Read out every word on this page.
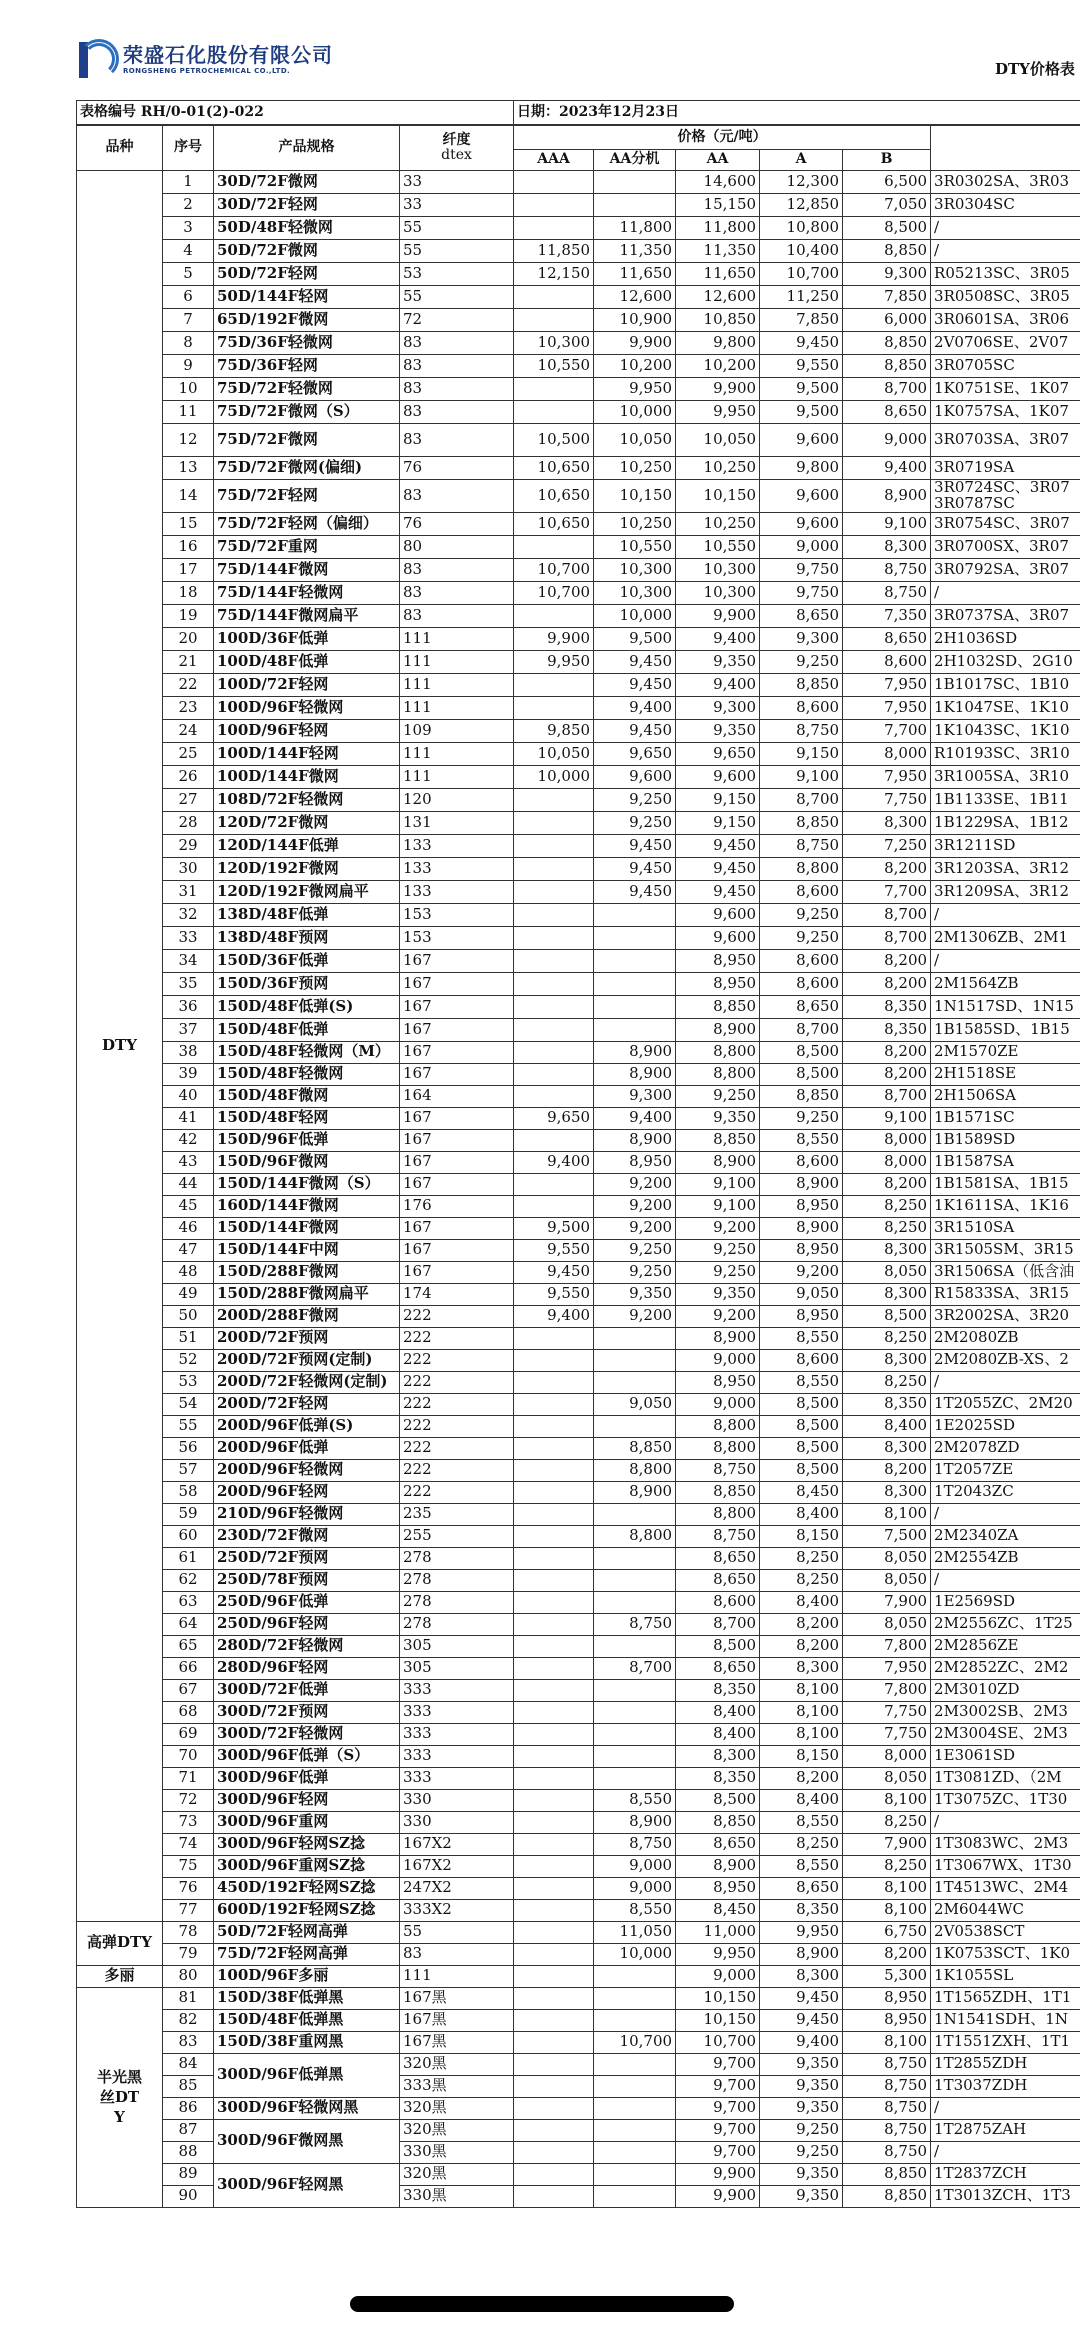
荣盛石化股份有限公司
RONGSHENG PETROCHEMICAL CO.,LTD.	DTY价格表
表格编号 RH/0-01(2)-022				日期：2023年12月23日					
品种	序号	产品规格	纤度
dtex	价格（元/吨）					
				AAA	AA分机	AA	A	B	
DTY	1	30D/72F微网	33			14,600	12,300	6,500	3R0302SA、3R03

	2	30D/72F轻网	33			15,150	12,850	7,050	3R0304SC

	3	50D/48F轻微网	55		11,800	11,800	10,800	8,500	/

	4	50D/72F微网	55	11,850	11,350	11,350	10,400	8,850	/

	5	50D/72F轻网	53	12,150	11,650	11,650	10,700	9,300	R05213SC、3R05

	6	50D/144F轻网	55		12,600	12,600	11,250	7,850	3R0508SC、3R05

	7	65D/192F微网	72		10,900	10,850	7,850	6,000	3R0601SA、3R06

	8	75D/36F轻微网	83	10,300	9,900	9,800	9,450	8,850	2V0706SE、2V07

	9	75D/36F轻网	83	10,550	10,200	10,200	9,550	8,850	3R0705SC

	10	75D/72F轻微网	83		9,950	9,900	9,500	8,700	1K0751SE、1K07

	11	75D/72F微网（S）	83		10,000	9,950	9,500	8,650	1K0757SA、1K07

	12	75D/72F微网	83	10,500	10,050	10,050	9,600	9,000	3R0703SA、3R07

	13	75D/72F微网(偏细)	76	10,650	10,250	10,250	9,800	9,400	3R0719SA

	14	75D/72F轻网	83	10,650	10,150	10,150	9,600	8,900	3R0724SC、3R07
3R0787SC

	15	75D/72F轻网（偏细）	76	10,650	10,250	10,250	9,600	9,100	3R0754SC、3R07

	16	75D/72F重网	80		10,550	10,550	9,000	8,300	3R0700SX、3R07

	17	75D/144F微网	83	10,700	10,300	10,300	9,750	8,750	3R0792SA、3R07

	18	75D/144F轻微网	83	10,700	10,300	10,300	9,750	8,750	/

	19	75D/144F微网扁平	83		10,000	9,900	8,650	7,350	3R0737SA、3R07

	20	100D/36F低弹	111	9,900	9,500	9,400	9,300	8,650	2H1036SD

	21	100D/48F低弹	111	9,950	9,450	9,350	9,250	8,600	2H1032SD、2G10

	22	100D/72F轻网	111		9,450	9,400	8,850	7,950	1B1017SC、1B10

	23	100D/96F轻微网	111		9,400	9,300	8,600	7,950	1K1047SE、1K10

	24	100D/96F轻网	109	9,850	9,450	9,350	8,750	7,700	1K1043SC、1K10

	25	100D/144F轻网	111	10,050	9,650	9,650	9,150	8,000	R10193SC、3R10

	26	100D/144F微网	111	10,000	9,600	9,600	9,100	7,950	3R1005SA、3R10

	27	108D/72F轻微网	120		9,250	9,150	8,700	7,750	1B1133SE、1B11

	28	120D/72F微网	131		9,250	9,150	8,850	8,300	1B1229SA、1B12

	29	120D/144F低弹	133		9,450	9,450	8,750	7,250	3R1211SD

	30	120D/192F微网	133		9,450	9,450	8,800	8,200	3R1203SA、3R12

	31	120D/192F微网扁平	133		9,450	9,450	8,600	7,700	3R1209SA、3R12

	32	138D/48F低弹	153			9,600	9,250	8,700	/

	33	138D/48F预网	153			9,600	9,250	8,700	2M1306ZB、2M1

	34	150D/36F低弹	167			8,950	8,600	8,200	/

	35	150D/36F预网	167			8,950	8,600	8,200	2M1564ZB

	36	150D/48F低弹(S)	167			8,850	8,650	8,350	1N1517SD、1N15

	37	150D/48F低弹	167			8,900	8,700	8,350	1B1585SD、1B15

	38	150D/48F轻微网（M）	167		8,900	8,800	8,500	8,200	2M1570ZE

	39	150D/48F轻微网	167		8,900	8,800	8,500	8,200	2H1518SE

	40	150D/48F微网	164		9,300	9,250	8,850	8,700	2H1506SA

	41	150D/48F轻网	167	9,650	9,400	9,350	9,250	9,100	1B1571SC

	42	150D/96F低弹	167		8,900	8,850	8,550	8,000	1B1589SD

	43	150D/96F微网	167	9,400	8,950	8,900	8,600	8,000	1B1587SA

	44	150D/144F微网（S）	167		9,200	9,100	8,900	8,200	1B1581SA、1B15

	45	160D/144F微网	176		9,200	9,100	8,950	8,250	1K1611SA、1K16

	46	150D/144F微网	167	9,500	9,200	9,200	8,900	8,250	3R1510SA

	47	150D/144F中网	167	9,550	9,250	9,250	8,950	8,300	3R1505SM、3R15

	48	150D/288F微网	167	9,450	9,250	9,250	9,200	8,050	3R1506SA（低含油

	49	150D/288F微网扁平	174	9,550	9,350	9,350	9,050	8,300	R15833SA、3R15

	50	200D/288F微网	222	9,400	9,200	9,200	8,950	8,500	3R2002SA、3R20

	51	200D/72F预网	222			8,900	8,550	8,250	2M2080ZB

	52	200D/72F预网(定制)	222			9,000	8,600	8,300	2M2080ZB-XS、2

	53	200D/72F轻微网(定制)	222			8,950	8,550	8,250	/

	54	200D/72F轻网	222		9,050	9,000	8,500	8,350	1T2055ZC、2M20

	55	200D/96F低弹(S)	222			8,800	8,500	8,400	1E2025SD

	56	200D/96F低弹	222		8,850	8,800	8,500	8,300	2M2078ZD

	57	200D/96F轻微网	222		8,800	8,750	8,500	8,200	1T2057ZE

	58	200D/96F轻网	222		8,900	8,850	8,450	8,300	1T2043ZC

	59	210D/96F轻微网	235			8,800	8,400	8,100	/

	60	230D/72F微网	255		8,800	8,750	8,150	7,500	2M2340ZA

	61	250D/72F预网	278			8,650	8,250	8,050	2M2554ZB

	62	250D/78F预网	278			8,650	8,250	8,050	/

	63	250D/96F低弹	278			8,600	8,400	7,900	1E2569SD

	64	250D/96F轻网	278		8,750	8,700	8,200	8,050	2M2556ZC、1T25

	65	280D/72F轻微网	305			8,500	8,200	7,800	2M2856ZE

	66	280D/96F轻网	305		8,700	8,650	8,300	7,950	2M2852ZC、2M2

	67	300D/72F低弹	333			8,350	8,100	7,800	2M3010ZD

	68	300D/72F预网	333			8,400	8,100	7,750	2M3002SB、2M3

	69	300D/72F轻微网	333			8,400	8,100	7,750	2M3004SE、2M3

	70	300D/96F低弹（S）	333			8,300	8,150	8,000	1E3061SD

	71	300D/96F低弹	333			8,350	8,200	8,050	1T3081ZD、（2M

	72	300D/96F轻网	330		8,550	8,500	8,400	8,100	1T3075ZC、1T30

	73	300D/96F重网	330		8,900	8,850	8,550	8,250	/

	74	300D/96F轻网SZ捻	167X2		8,750	8,650	8,250	7,900	1T3083WC、2M3

	75	300D/96F重网SZ捻	167X2		9,000	8,900	8,550	8,250	1T3067WX、1T30

	76	450D/192F轻网SZ捻	247X2		9,000	8,950	8,650	8,100	1T4513WC、2M4

	77	600D/192F轻网SZ捻	333X2		8,550	8,450	8,350	8,100	2M6044WC

高弹DTY	78	50D/72F轻网高弹	55		11,050	11,000	9,950	6,750	2V0538SCT

	79	75D/72F轻网高弹	83		10,000	9,950	8,900	8,200	1K0753SCT、1K0

多丽	80	100D/96F多丽	111			9,000	8,300	5,300	1K1055SL

半光黑丝DTY	81	150D/38F低弹黑	167黑			10,150	9,450	8,950	1T1565ZDH、1T1

	82	150D/48F低弹黑	167黑			10,150	9,450	8,950	1N1541SDH、1N

	83	150D/38F重网黑	167黑		10,700	10,700	9,400	8,100	1T1551ZXH、1T1

	84	300D/96F低弹黑	320黑			9,700	9,350	8,750	1T2855ZDH

	85		333黑			9,700	9,350	8,750	1T3037ZDH

	86	300D/96F轻微网黑	320黑			9,700	9,350	8,750	/

	87	300D/96F微网黑	320黑			9,700	9,250	8,750	1T2875ZAH

	88		330黑			9,700	9,250	8,750	/

	89	300D/96F轻网黑	320黑			9,900	9,350	8,850	1T2837ZCH

	90		330黑			9,900	9,350	8,850	1T3013ZCH、1T3
